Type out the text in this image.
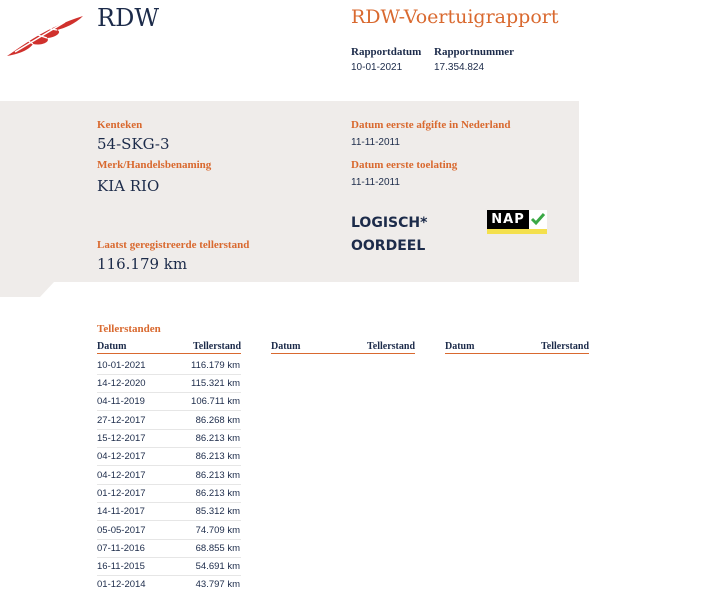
RDW	RDW-Voertuigrapport
Rapportdatum
10-01-2021
Rapportnummer
17.354.824
Kenteken
54-SKG-3
Merk/Handelsbenaming
KIA RIO
Laatst geregistreerde tellerstand
116.179 km
Datum eerste afgifte in Nederland
11-11-2011
Datum eerste toelating
11-11-2011
LOGISCH*
OORDEEL
NAP
Tellerstanden
Datum	Tellerstand	Datum	Tellerstand	Datum	Tellerstand
10-01-2021	116.179 km
14-12-2020	115.321 km
04-11-2019	106.711 km
27-12-2017	86.268 km
15-12-2017	86.213 km
04-12-2017	86.213 km
04-12-2017	86.213 km
01-12-2017	86.213 km
14-11-2017	85.312 km
05-05-2017	74.709 km
07-11-2016	68.855 km
16-11-2015	54.691 km
01-12-2014	43.797 km
